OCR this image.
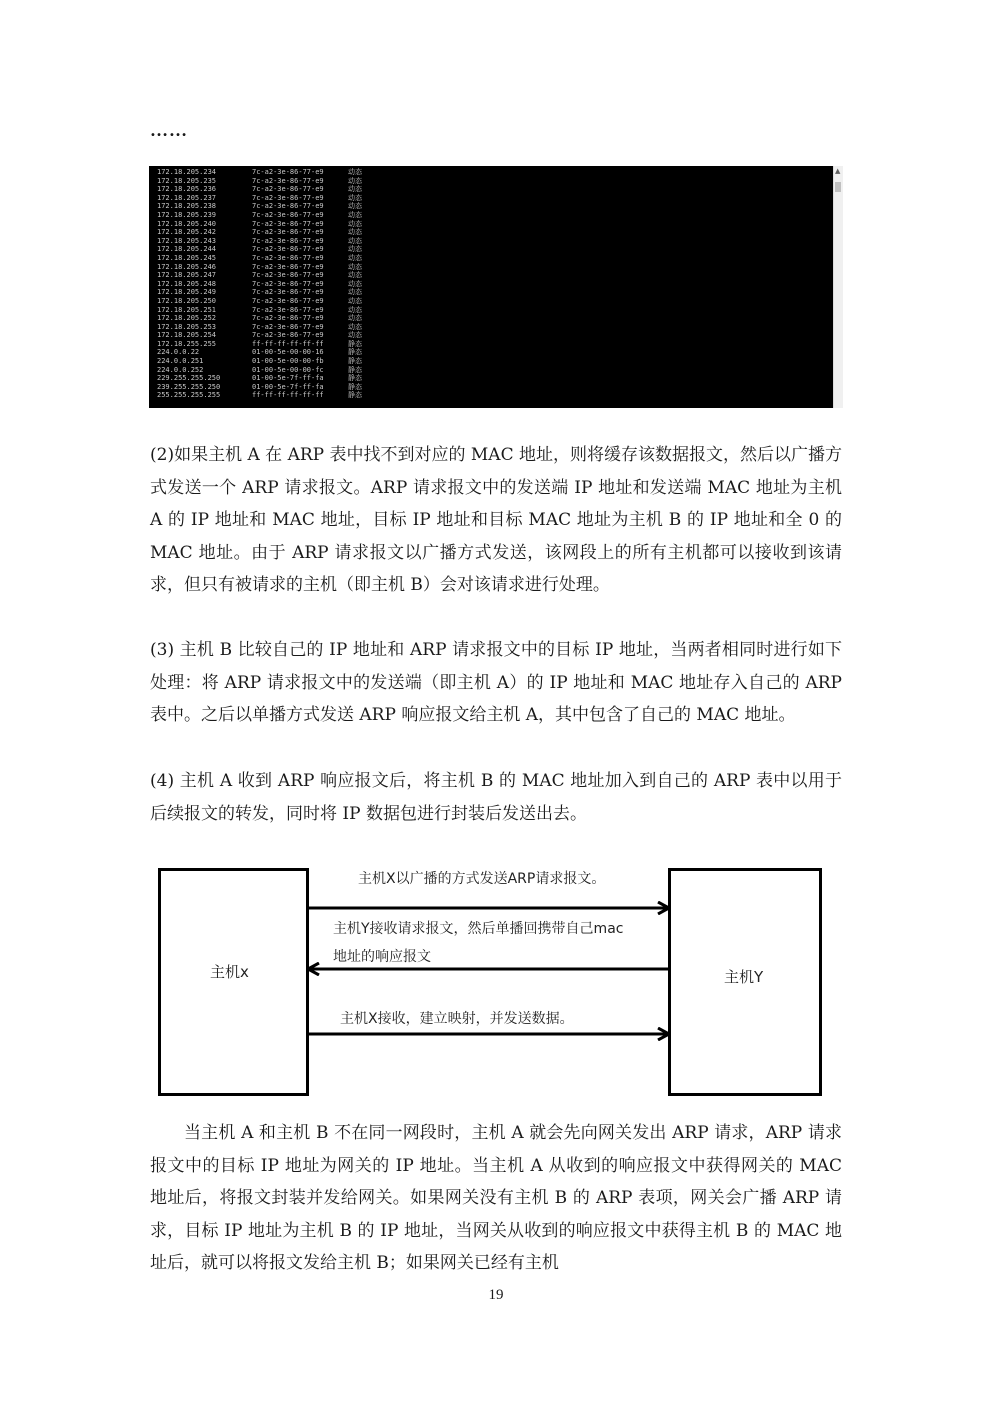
……
172.18.205.234	7c-a2-3e-86-77-e9	动态
172.18.205.235	7c-a2-3e-86-77-e9	动态
172.18.205.236	7c-a2-3e-86-77-e9	动态
172.18.205.237	7c-a2-3e-86-77-e9	动态
172.18.205.238	7c-a2-3e-86-77-e9	动态
172.18.205.239	7c-a2-3e-86-77-e9	动态
172.18.205.240	7c-a2-3e-86-77-e9	动态
172.18.205.242	7c-a2-3e-86-77-e9	动态
172.18.205.243	7c-a2-3e-86-77-e9	动态
172.18.205.244	7c-a2-3e-86-77-e9	动态
172.18.205.245	7c-a2-3e-86-77-e9	动态
172.18.205.246	7c-a2-3e-86-77-e9	动态
172.18.205.247	7c-a2-3e-86-77-e9	动态
172.18.205.248	7c-a2-3e-86-77-e9	动态
172.18.205.249	7c-a2-3e-86-77-e9	动态
172.18.205.250	7c-a2-3e-86-77-e9	动态
172.18.205.251	7c-a2-3e-86-77-e9	动态
172.18.205.252	7c-a2-3e-86-77-e9	动态
172.18.205.253	7c-a2-3e-86-77-e9	动态
172.18.205.254	7c-a2-3e-86-77-e9	动态
172.18.255.255	ff-ff-ff-ff-ff-ff	静态
224.0.0.22	01-00-5e-00-00-16	静态
224.0.0.251	01-00-5e-00-00-fb	静态
224.0.0.252	01-00-5e-00-00-fc	静态
229.255.255.250	01-00-5e-7f-ff-fa	静态
239.255.255.250	01-00-5e-7f-ff-fa	静态
255.255.255.255	ff-ff-ff-ff-ff-ff	静态
▲

(2)如果主机 A 在 ARP 表中找不到对应的 MAC 地址，则将缓存该数据报文，然后以广播方式发送一个 ARP 请求报文。ARP 请求报文中的发送端 IP 地址和发送端 MAC 地址为主机 A 的 IP 地址和 MAC 地址，目标 IP 地址和目标 MAC 地址为主机 B 的 IP 地址和全 0 的 MAC 地址。由于 ARP 请求报文以广播方式发送，该网段上的所有主机都可以接收到该请求，但只有被请求的主机（即主机 B）会对该请求进行处理。

(3) 主机 B 比较自己的 IP 地址和 ARP 请求报文中的目标 IP 地址，当两者相同时进行如下处理：将 ARP 请求报文中的发送端（即主机 A）的 IP 地址和 MAC 地址存入自己的 ARP 表中。之后以单播方式发送 ARP 响应报文给主机 A，其中包含了自己的 MAC 地址。

(4) 主机 A 收到 ARP 响应报文后，将主机 B 的 MAC 地址加入到自己的 ARP 表中以用于后续报文的转发，同时将 IP 数据包进行封装后发送出去。

主机x	主机Y
主机X以广播的方式发送ARP请求报文。
主机Y接收请求报文，然后单播回携带自己mac
地址的响应报文
主机X接收，建立映射，并发送数据。

当主机 A 和主机 B 不在同一网段时，主机 A 就会先向网关发出 ARP 请求，ARP 请求报文中的目标 IP 地址为网关的 IP 地址。当主机 A 从收到的响应报文中获得网关的 MAC 地址后，将报文封装并发给网关。如果网关没有主机 B 的 ARP 表项，网关会广播 ARP 请求，目标 IP 地址为主机 B 的 IP 地址，当网关从收到的响应报文中获得主机 B 的 MAC 地址后，就可以将报文发给主机 B；如果网关已经有主机

19
